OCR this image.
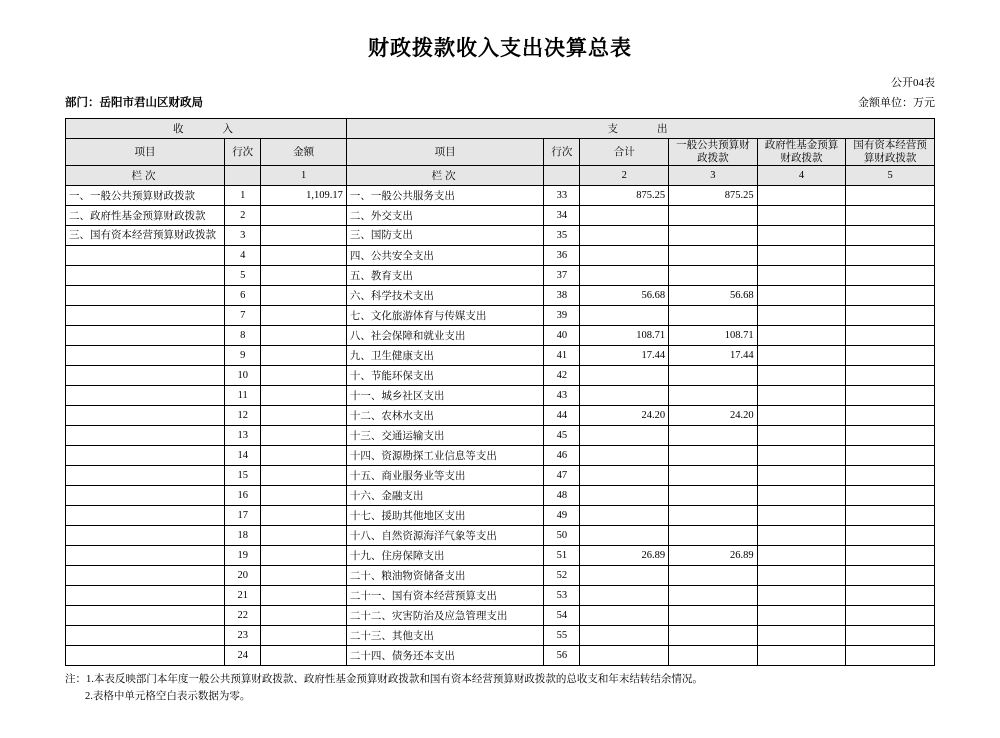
财政拨款收入支出决算总表
公开04表
部门：岳阳市君山区财政局	金额单位：万元
收　　入			支　　出					
项目	行次	金额	项目	行次	合计	一般公共预算财政拨款	政府性基金预算财政拨款	国有资本经营预算财政拨款
栏次		1	栏次		2	3	4	5
一、一般公共预算财政拨款	1	1,109.17	一、一般公共服务支出	33	875.25	875.25		
二、政府性基金预算财政拨款	2		二、外交支出	34				
三、国有资本经营预算财政拨款	3		三、国防支出	35				
	4		四、公共安全支出	36				
	5		五、教育支出	37				
	6		六、科学技术支出	38	56.68	56.68		
	7		七、文化旅游体育与传媒支出	39				
	8		八、社会保障和就业支出	40	108.71	108.71		
	9		九、卫生健康支出	41	17.44	17.44		
	10		十、节能环保支出	42				
	11		十一、城乡社区支出	43				
	12		十二、农林水支出	44	24.20	24.20		
	13		十三、交通运输支出	45				
	14		十四、资源勘探工业信息等支出	46				
	15		十五、商业服务业等支出	47				
	16		十六、金融支出	48				
	17		十七、援助其他地区支出	49				
	18		十八、自然资源海洋气象等支出	50				
	19		十九、住房保障支出	51	26.89	26.89		
	20		二十、粮油物资储备支出	52				
	21		二十一、国有资本经营预算支出	53				
	22		二十二、灾害防治及应急管理支出	54				
	23		二十三、其他支出	55				
	24		二十四、债务还本支出	56				
注：1.本表反映部门本年度一般公共预算财政拨款、政府性基金预算财政拨款和国有资本经营预算财政拨款的总收支和年末结转结余情况。
2.表格中单元格空白表示数据为零。
